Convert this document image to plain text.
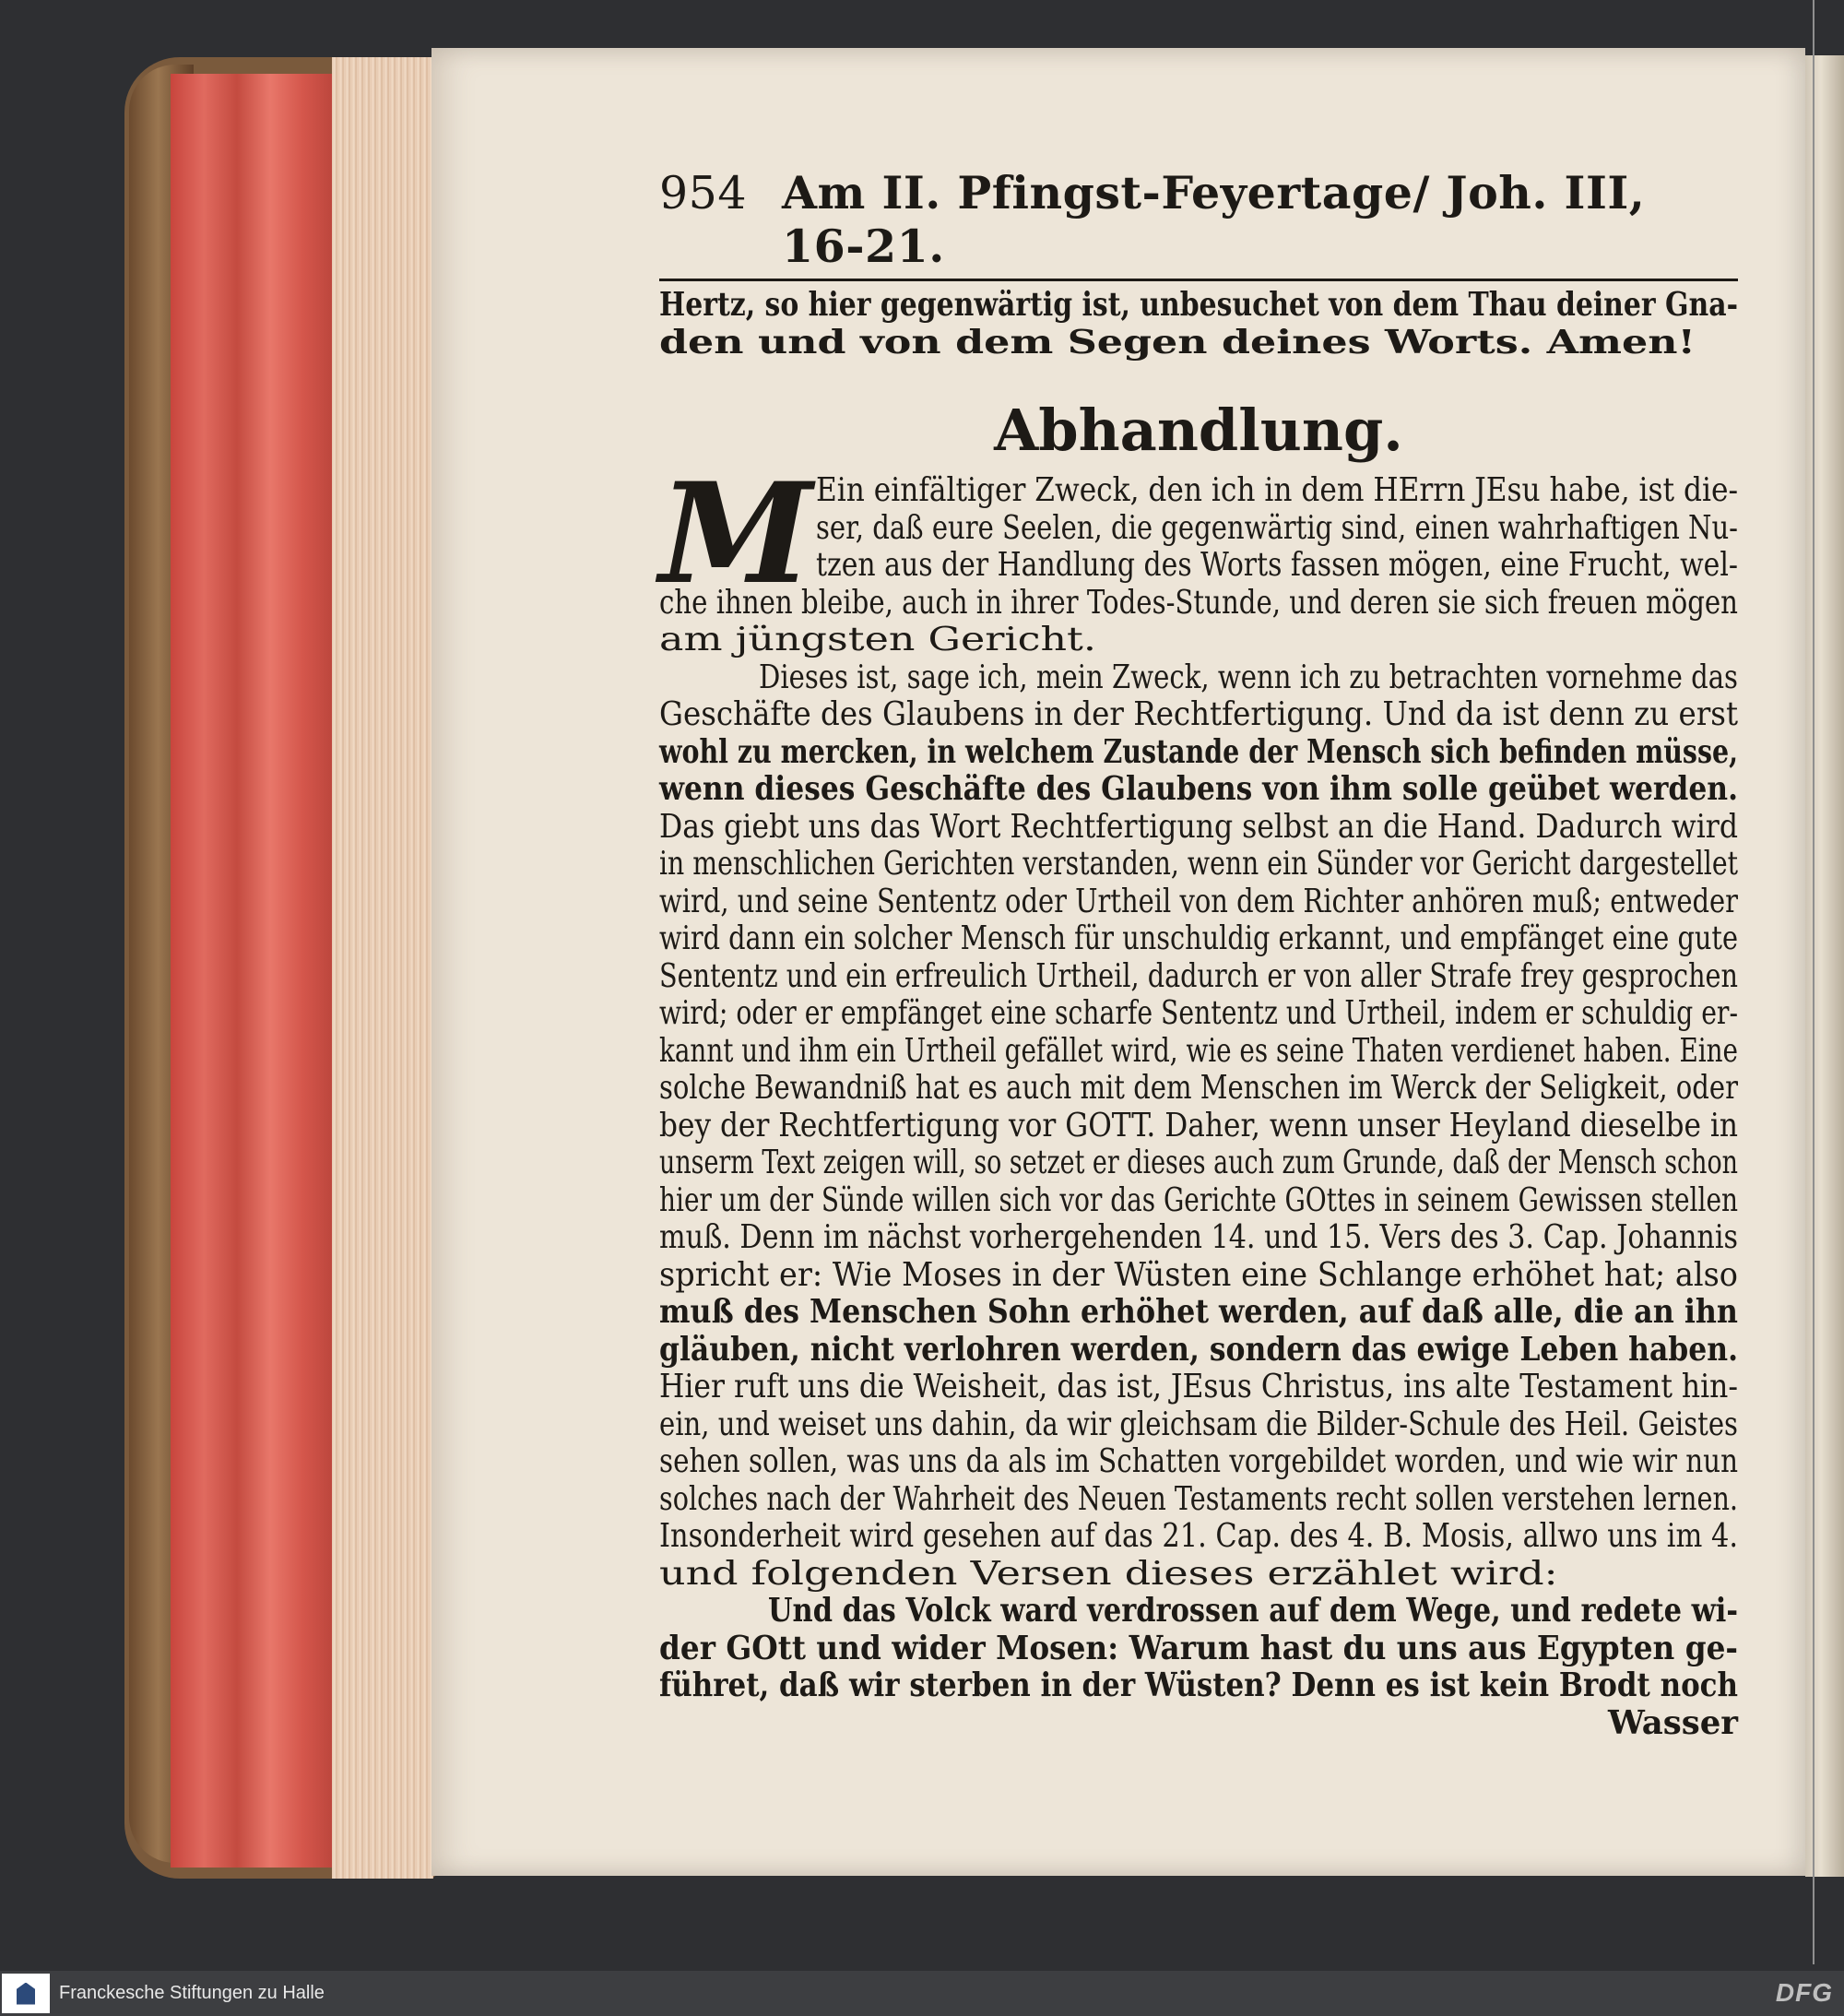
954 Am II. Pfingst-Feyertage/ Joh. III, 16-21.
Hertz, so hier gegenwärtig ist, unbesuchet von dem Thau deiner Gna-
den und von dem Segen deines Worts. Amen!
Abhandlung.
M Ein einfältiger Zweck, den ich in dem HErrn JEsu habe, ist die-
ser, daß eure Seelen, die gegenwärtig sind, einen wahrhaftigen Nu-
tzen aus der Handlung des Worts fassen mögen, eine Frucht, wel-
che ihnen bleibe, auch in ihrer Todes-Stunde, und deren sie sich freuen mögen
am jüngsten Gericht.
Dieses ist, sage ich, mein Zweck, wenn ich zu betrachten vornehme das
Geschäfte des Glaubens in der Rechtfertigung. Und da ist denn zu erst
wohl zu mercken, in welchem Zustande der Mensch sich befinden müsse,
wenn dieses Geschäfte des Glaubens von ihm solle geübet werden.
Das giebt uns das Wort Rechtfertigung selbst an die Hand. Dadurch wird
in menschlichen Gerichten verstanden, wenn ein Sünder vor Gericht dargestellet
wird, und seine Sententz oder Urtheil von dem Richter anhören muß; entweder
wird dann ein solcher Mensch für unschuldig erkannt, und empfänget eine gute
Sententz und ein erfreulich Urtheil, dadurch er von aller Strafe frey gesprochen
wird; oder er empfänget eine scharfe Sententz und Urtheil, indem er schuldig er-
kannt und ihm ein Urtheil gefället wird, wie es seine Thaten verdienet haben. Eine
solche Bewandniß hat es auch mit dem Menschen im Werck der Seligkeit, oder
bey der Rechtfertigung vor GOTT. Daher, wenn unser Heyland dieselbe in
unserm Text zeigen will, so setzet er dieses auch zum Grunde, daß der Mensch schon
hier um der Sünde willen sich vor das Gerichte GOttes in seinem Gewissen stellen
muß. Denn im nächst vorhergehenden 14. und 15. Vers des 3. Cap. Johannis
spricht er: Wie Moses in der Wüsten eine Schlange erhöhet hat; also
muß des Menschen Sohn erhöhet werden, auf daß alle, die an ihn
gläuben, nicht verlohren werden, sondern das ewige Leben haben.
Hier ruft uns die Weisheit, das ist, JEsus Christus, ins alte Testament hin-
ein, und weiset uns dahin, da wir gleichsam die Bilder-Schule des Heil. Geistes
sehen sollen, was uns da als im Schatten vorgebildet worden, und wie wir nun
solches nach der Wahrheit des Neuen Testaments recht sollen verstehen lernen.
Insonderheit wird gesehen auf das 21. Cap. des 4. B. Mosis, allwo uns im 4.
und folgenden Versen dieses erzählet wird:
Und das Volck ward verdrossen auf dem Wege, und redete wi-
der GOtt und wider Mosen: Warum hast du uns aus Egypten ge-
führet, daß wir sterben in der Wüsten? Denn es ist kein Brodt noch
Wasser
Franckesche Stiftungen zu Halle	DFG
